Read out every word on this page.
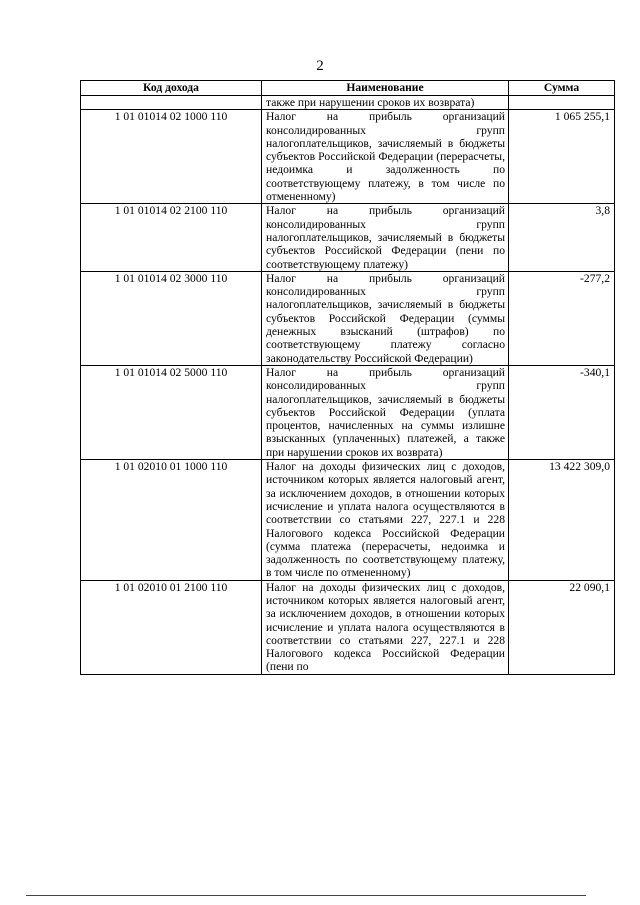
2
Код дохода	Наименование	Сумма
	также при нарушении сроков их возврата)	
1 01 01014 02 1000 110	Налог на прибыль организаций консолидированных групп налогоплательщиков, зачисляемый в бюджеты субъектов Российской Федерации (перерасчеты, недоимка и задолженность по соответствующему платежу, в том числе по отмененному)	1 065 255,1
1 01 01014 02 2100 110	Налог на прибыль организаций консолидированных групп налогоплательщиков, зачисляемый в бюджеты субъектов Российской Федерации (пени по соответствующему платежу)	3,8
1 01 01014 02 3000 110	Налог на прибыль организаций консолидированных групп налогоплательщиков, зачисляемый в бюджеты субъектов Российской Федерации (суммы денежных взысканий (штрафов) по соответствующему платежу согласно законодательству Российской Федерации)	-277,2
1 01 01014 02 5000 110	Налог на прибыль организаций консолидированных групп налогоплательщиков, зачисляемый в бюджеты субъектов Российской Федерации (уплата процентов, начисленных на суммы излишне взысканных (уплаченных) платежей, а также при нарушении сроков их возврата)	-340,1
1 01 02010 01 1000 110	Налог на доходы физических лиц с доходов, источником которых является налоговый агент, за исключением доходов, в отношении которых исчисление и уплата налога осуществляются в соответствии со статьями 227, 227.1 и 228 Налогового кодекса Российской Федерации (сумма платежа (перерасчеты, недоимка и задолженность по соответствующему платежу, в том числе по отмененному)	13 422 309,0
1 01 02010 01 2100 110	Налог на доходы физических лиц с доходов, источником которых является налоговый агент, за исключением доходов, в отношении которых исчисление и уплата налога осуществляются в соответствии со статьями 227, 227.1 и 228 Налогового кодекса Российской Федерации (пени по	22 090,1
